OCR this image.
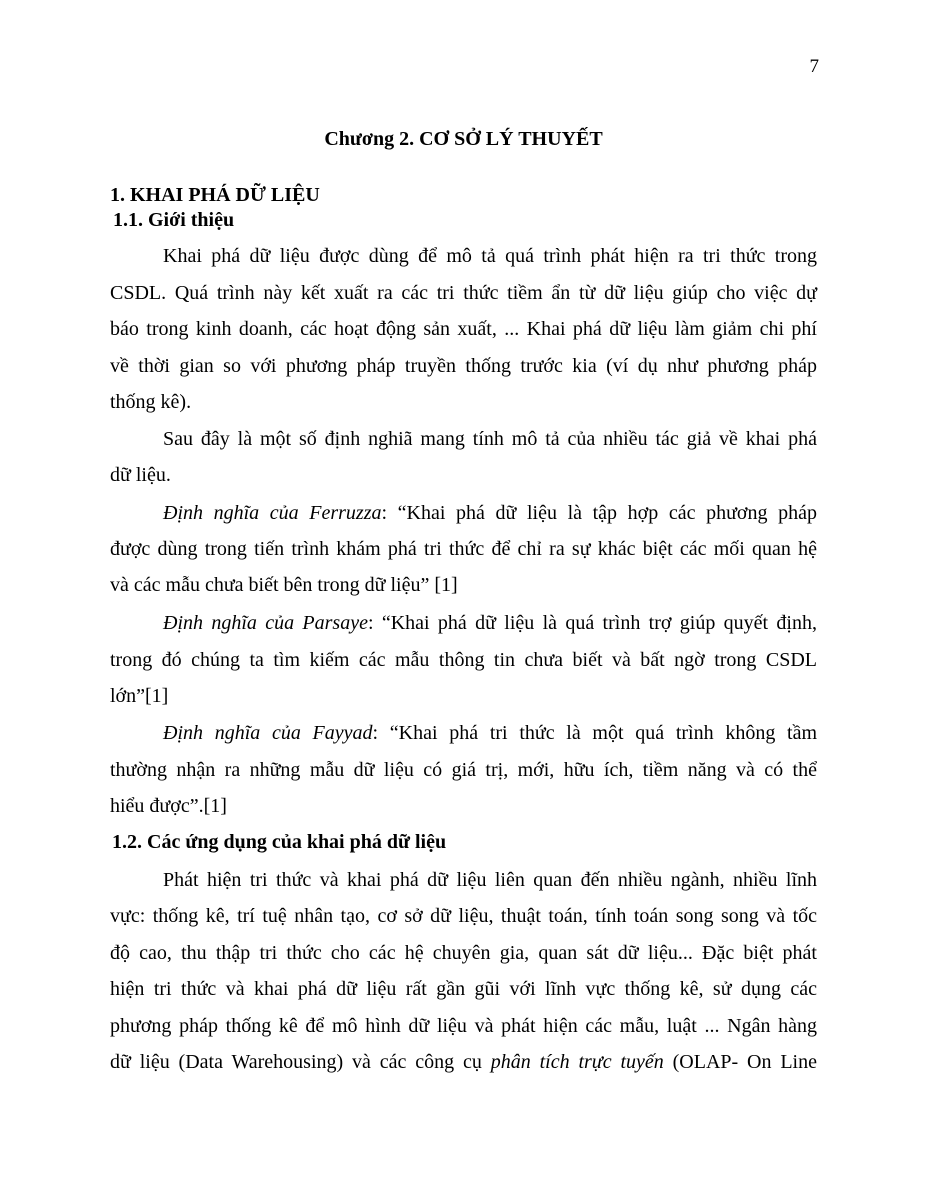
7
Chương 2. CƠ SỞ LÝ THUYẾT
1. KHAI PHÁ DỮ LIỆU
1.1. Giới thiệu
Khai phá dữ liệu được dùng để mô tả quá trình phát hiện ra tri thức trong
CSDL. Quá trình này kết xuất ra các tri thức tiềm ẩn từ dữ liệu giúp cho việc dự
báo trong kinh doanh, các hoạt động sản xuất, ... Khai phá dữ liệu làm giảm chi phí
về thời gian so với phương pháp truyền thống trước kia (ví dụ như phương pháp
thống kê).
Sau đây là một số định nghiã mang tính mô tả của nhiều tác giả về khai phá
dữ liệu.
Định nghĩa của Ferruzza: “Khai phá dữ liệu là tập hợp các phương pháp
được dùng trong tiến trình khám phá tri thức để chỉ ra sự khác biệt các mối quan hệ
và các mẫu chưa biết bên trong dữ liệu” [1]
Định nghĩa của Parsaye: “Khai phá dữ liệu là quá trình trợ giúp quyết định,
trong đó chúng ta tìm kiếm các mẫu thông tin chưa biết và bất ngờ trong CSDL
lớn”[1]
Định nghĩa của Fayyad: “Khai phá tri thức là một quá trình không tầm
thường nhận ra những mẫu dữ liệu có giá trị, mới, hữu ích, tiềm năng và có thể
hiểu được”.[1]
1.2. Các ứng dụng của khai phá dữ liệu
Phát hiện tri thức và khai phá dữ liệu liên quan đến nhiều ngành, nhiều lĩnh
vực: thống kê, trí tuệ nhân tạo, cơ sở dữ liệu, thuật toán, tính toán song song và tốc
độ cao, thu thập tri thức cho các hệ chuyên gia, quan sát dữ liệu... Đặc biệt phát
hiện tri thức và khai phá dữ liệu rất gần gũi với lĩnh vực thống kê, sử dụng các
phương pháp thống kê để mô hình dữ liệu và phát hiện các mẫu, luật ... Ngân hàng
dữ liệu (Data Warehousing) và các công cụ phân tích trực tuyến (OLAP- On Line
